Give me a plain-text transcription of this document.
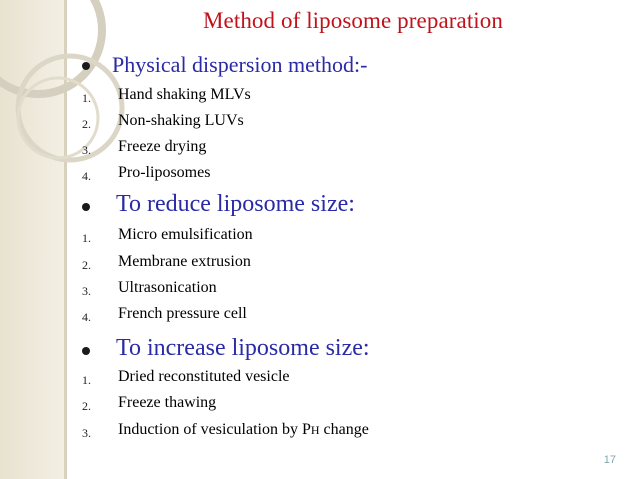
Method of liposome preparation
Physical dispersion method:-
1. Hand shaking MLVs
2. Non-shaking LUVs
3. Freeze drying
4. Pro-liposomes
To reduce liposome size:
1. Micro emulsification
2. Membrane extrusion
3. Ultrasonication
4. French pressure cell
To increase liposome size:
1. Dried reconstituted vesicle
2. Freeze thawing
3. Induction of vesiculation by PH change
17
